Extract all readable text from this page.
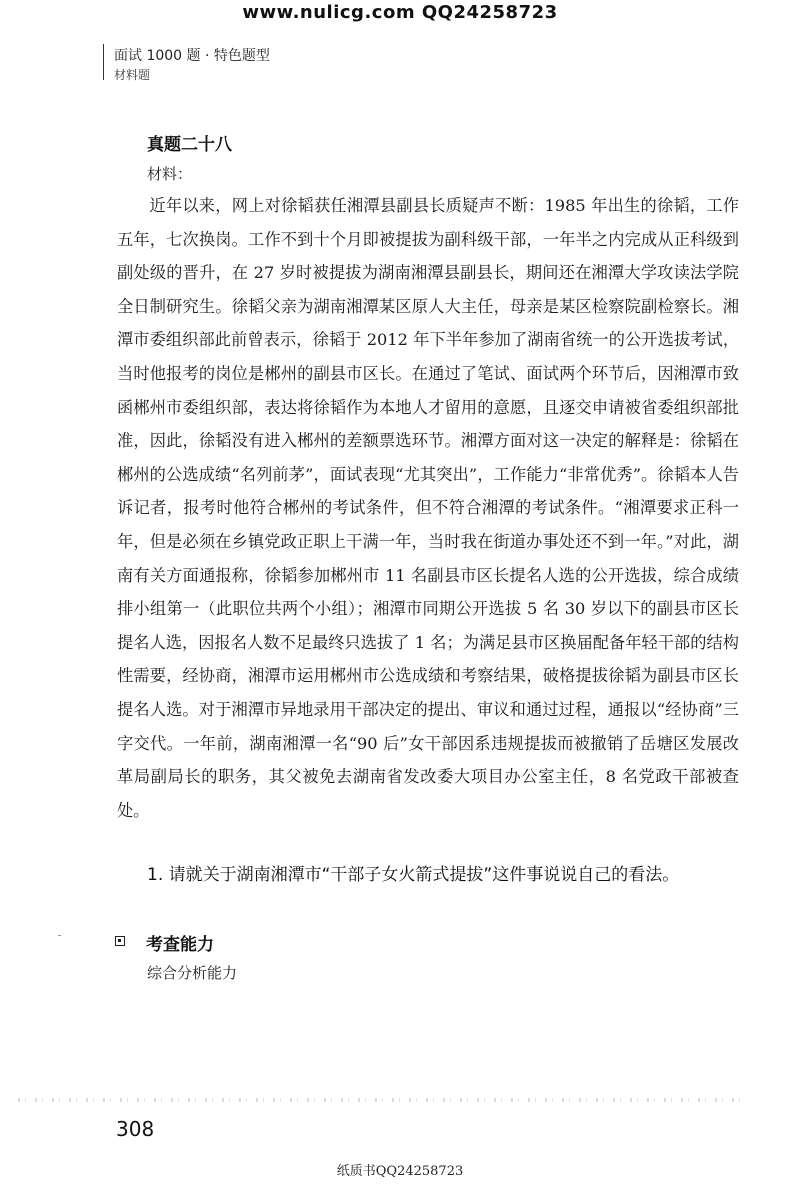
www.nulicg.com QQ24258723
面试 1000 题 · 特色题型
材料题
真题二十八
材料：

近年以来，网上对徐韬获任湘潭县副县长质疑声不断：1985 年出生的徐韬，工作五年，七次换岗。工作不到十个月即被提拔为副科级干部，一年半之内完成从正科级到副处级的晋升，在 27 岁时被提拔为湖南湘潭县副县长，期间还在湘潭大学攻读法学院全日制研究生。徐韬父亲为湖南湘潭某区原人大主任，母亲是某区检察院副检察长。湘潭市委组织部此前曾表示，徐韬于 2012 年下半年参加了湖南省统一的公开选拔考试，当时他报考的岗位是郴州的副县市区长。在通过了笔试、面试两个环节后，因湘潭市致函郴州市委组织部，表达将徐韬作为本地人才留用的意愿，且逐交申请被省委组织部批准，因此，徐韬没有进入郴州的差额票选环节。湘潭方面对这一决定的解释是：徐韬在郴州的公选成绩“名列前茅”，面试表现“尤其突出”，工作能力“非常优秀”。徐韬本人告诉记者，报考时他符合郴州的考试条件，但不符合湘潭的考试条件。“湘潭要求正科一年，但是必须在乡镇党政正职上干满一年，当时我在街道办事处还不到一年。”对此，湖南有关方面通报称，徐韬参加郴州市 11 名副县市区长提名人选的公开选拔，综合成绩排小组第一（此职位共两个小组）；湘潭市同期公开选拔 5 名 30 岁以下的副县市区长提名人选，因报名人数不足最终只选拔了 1 名；为满足县市区换届配备年轻干部的结构性需要，经协商，湘潭市运用郴州市公选成绩和考察结果，破格提拔徐韬为副县市区长提名人选。对于湘潭市异地录用干部决定的提出、审议和通过过程，通报以“经协商”三字交代。一年前，湖南湘潭一名“90 后”女干部因系违规提拔而被撤销了岳塘区发展改革局副局长的职务，其父被免去湖南省发改委大项目办公室主任，8 名党政干部被查处。

1. 请就关于湖南湘潭市“干部子女火箭式提拔”这件事说说自己的看法。
考查能力
综合分析能力
308
纸质书QQ24258723
